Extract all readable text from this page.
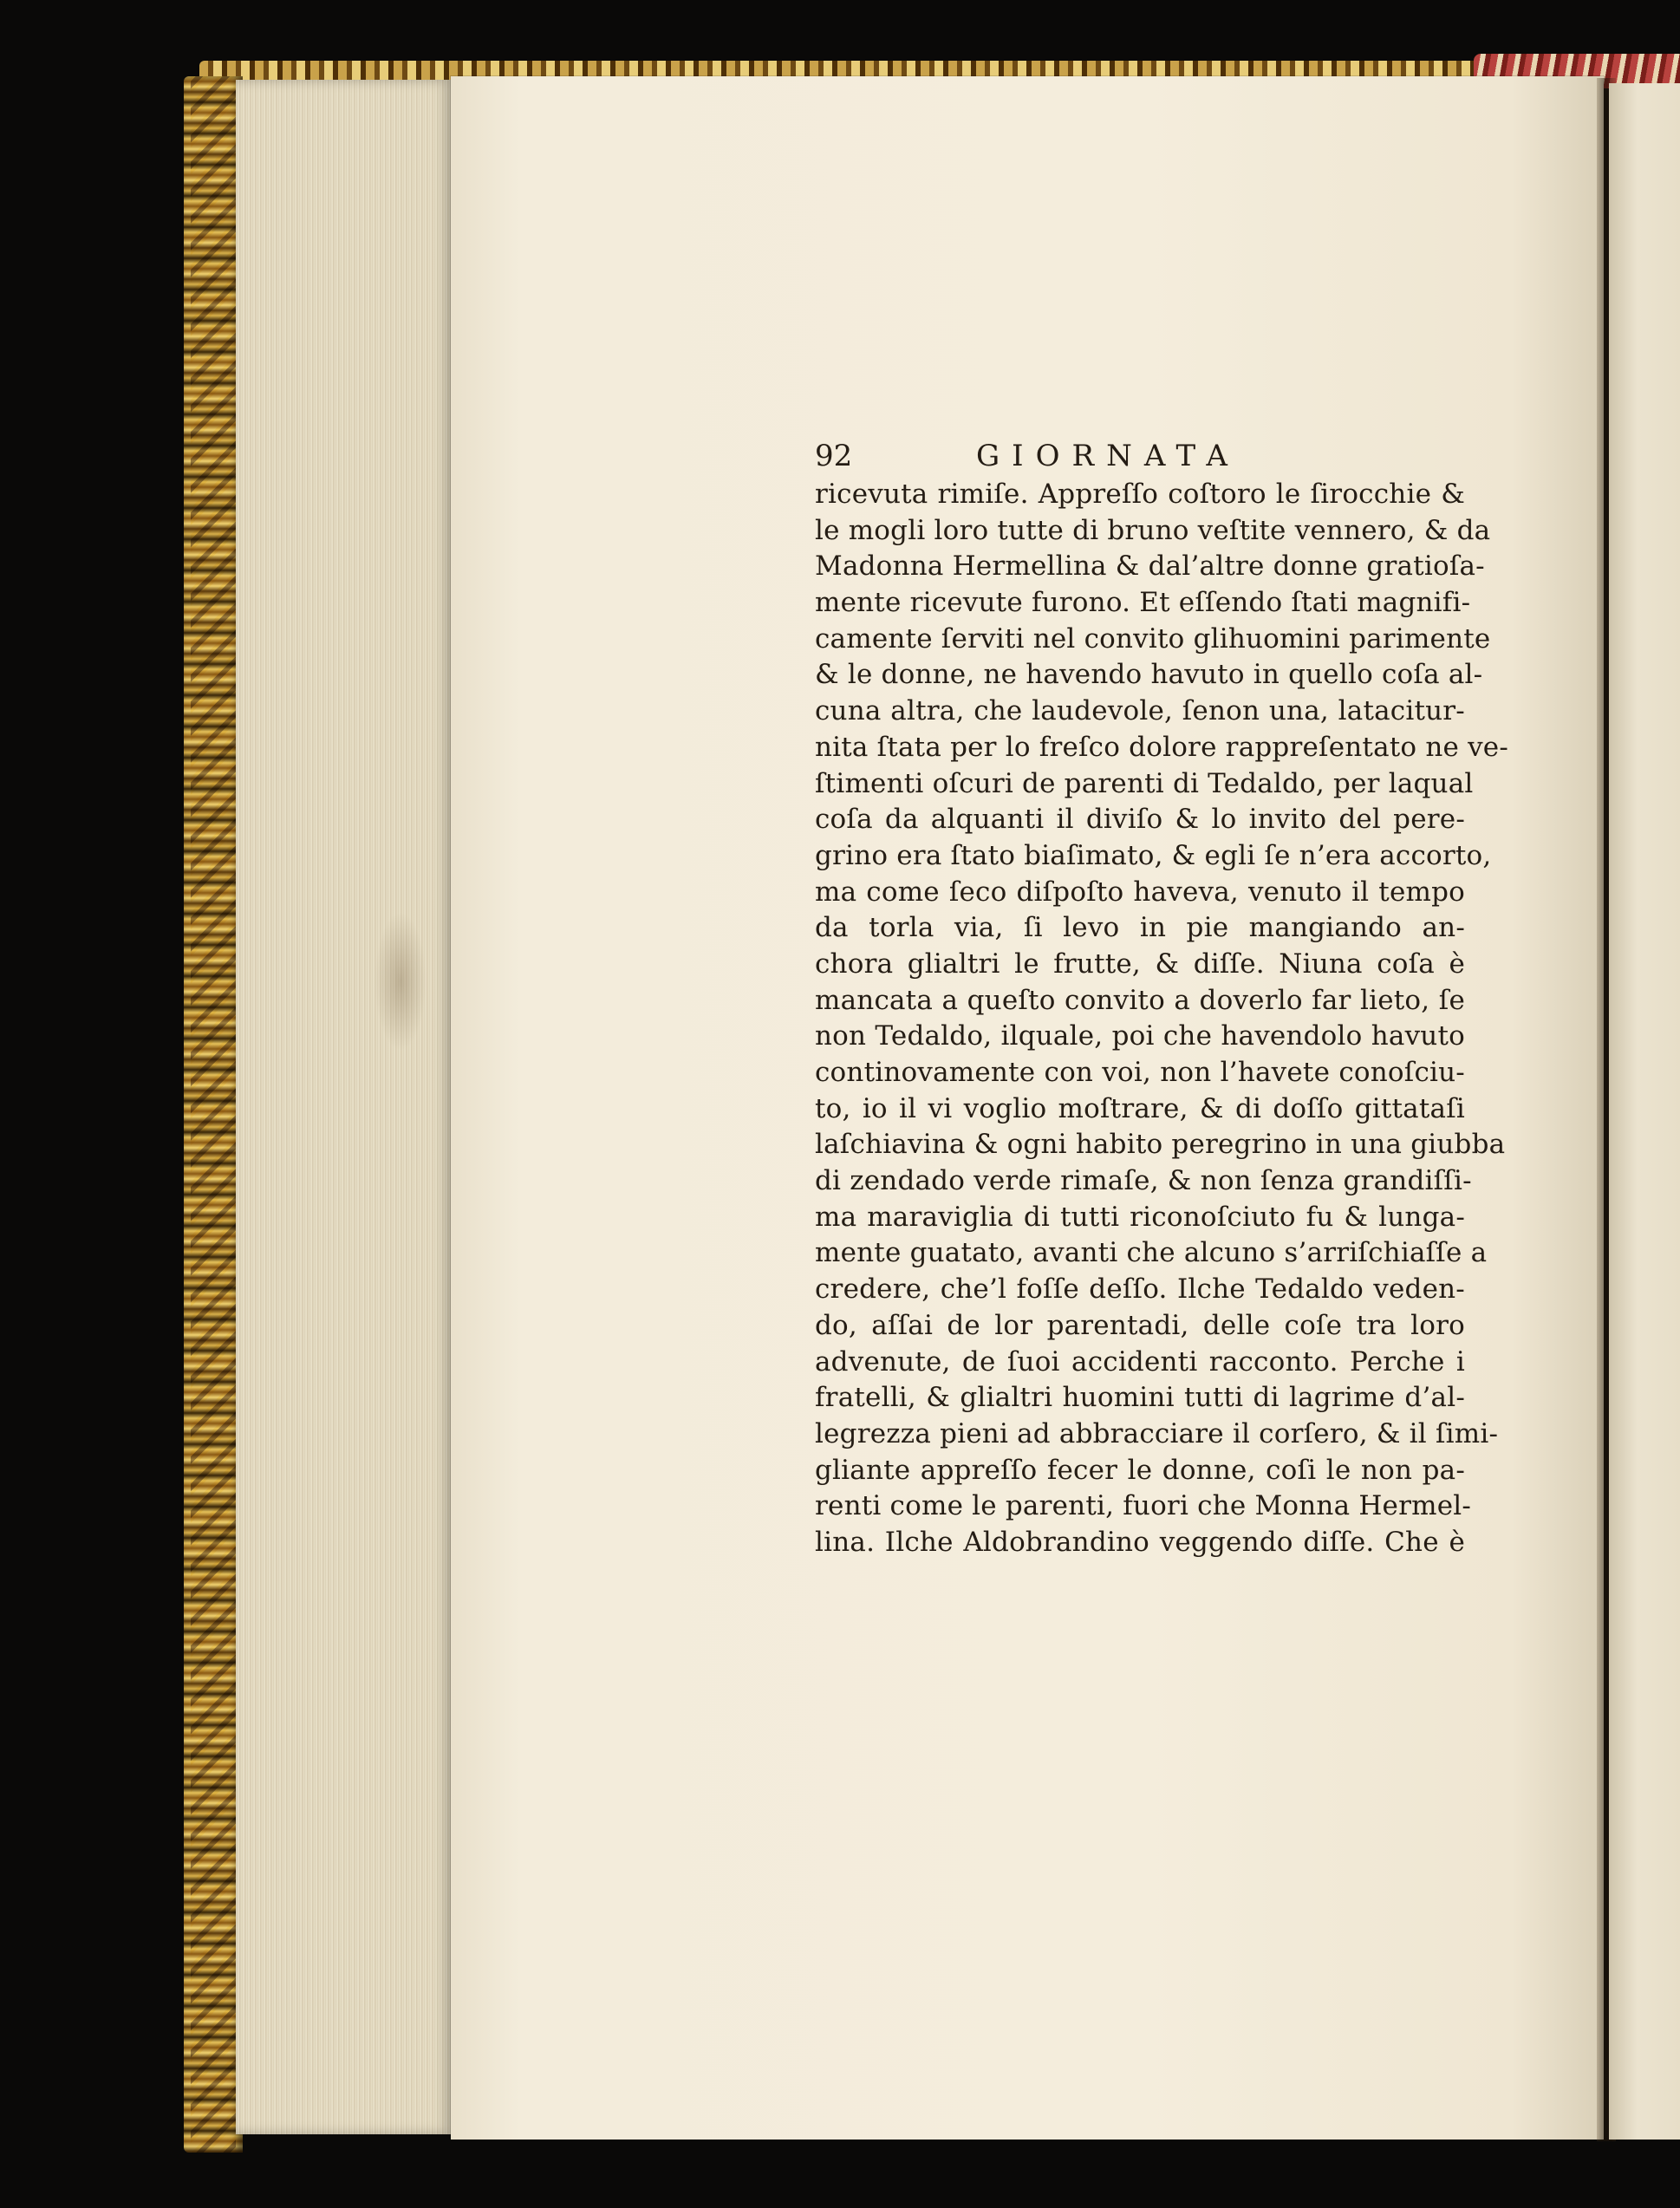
92	GIORNATA
ricevuta rimiſe. Appreſſo coſtoro le ſirocchie &
le mogli loro tutte di bruno veſtite vennero, & da
Madonna Hermellina & dal’altre donne gratioſa-
mente ricevute furono. Et eſſendo ſtati magnifi-
camente ſerviti nel convito glihuomini parimente
& le donne, ne havendo havuto in quello coſa al-
cuna altra, che laudevole, ſenon una, latacitur-
nita ſtata per lo freſco dolore rappreſentato ne ve-
ſtimenti oſcuri de parenti di Tedaldo, per laqual
coſa da alquanti il diviſo & lo invito del pere-
grino era ſtato biaſimato, & egli ſe n’era accorto,
ma come ſeco diſpoſto haveva, venuto il tempo
da torla via, ſi levo in pie mangiando an-
chora glialtri le frutte, & diſſe. Niuna coſa è
mancata a queſto convito a doverlo far lieto, ſe
non Tedaldo, ilquale, poi che havendolo havuto
continovamente con voi, non l’havete conoſciu-
to, io il vi voglio moſtrare, & di doſſo gittataſi
laſchiavina & ogni habito peregrino in una giubba
di zendado verde rimaſe, & non ſenza grandiſſi-
ma maraviglia di tutti riconoſciuto fu & lunga-
mente guatato, avanti che alcuno s’arriſchiaſſe a
credere, che’l foſſe deſſo. Ilche Tedaldo veden-
do, aſſai de lor parentadi, delle coſe tra loro
advenute, de ſuoi accidenti racconto. Perche i
fratelli, & glialtri huomini tutti di lagrime d’al-
legrezza pieni ad abbracciare il corſero, & il ſimi-
gliante appreſſo fecer le donne, coſi le non pa-
renti come le parenti, fuori che Monna Hermel-
lina. Ilche Aldobrandino veggendo diſſe. Che è
